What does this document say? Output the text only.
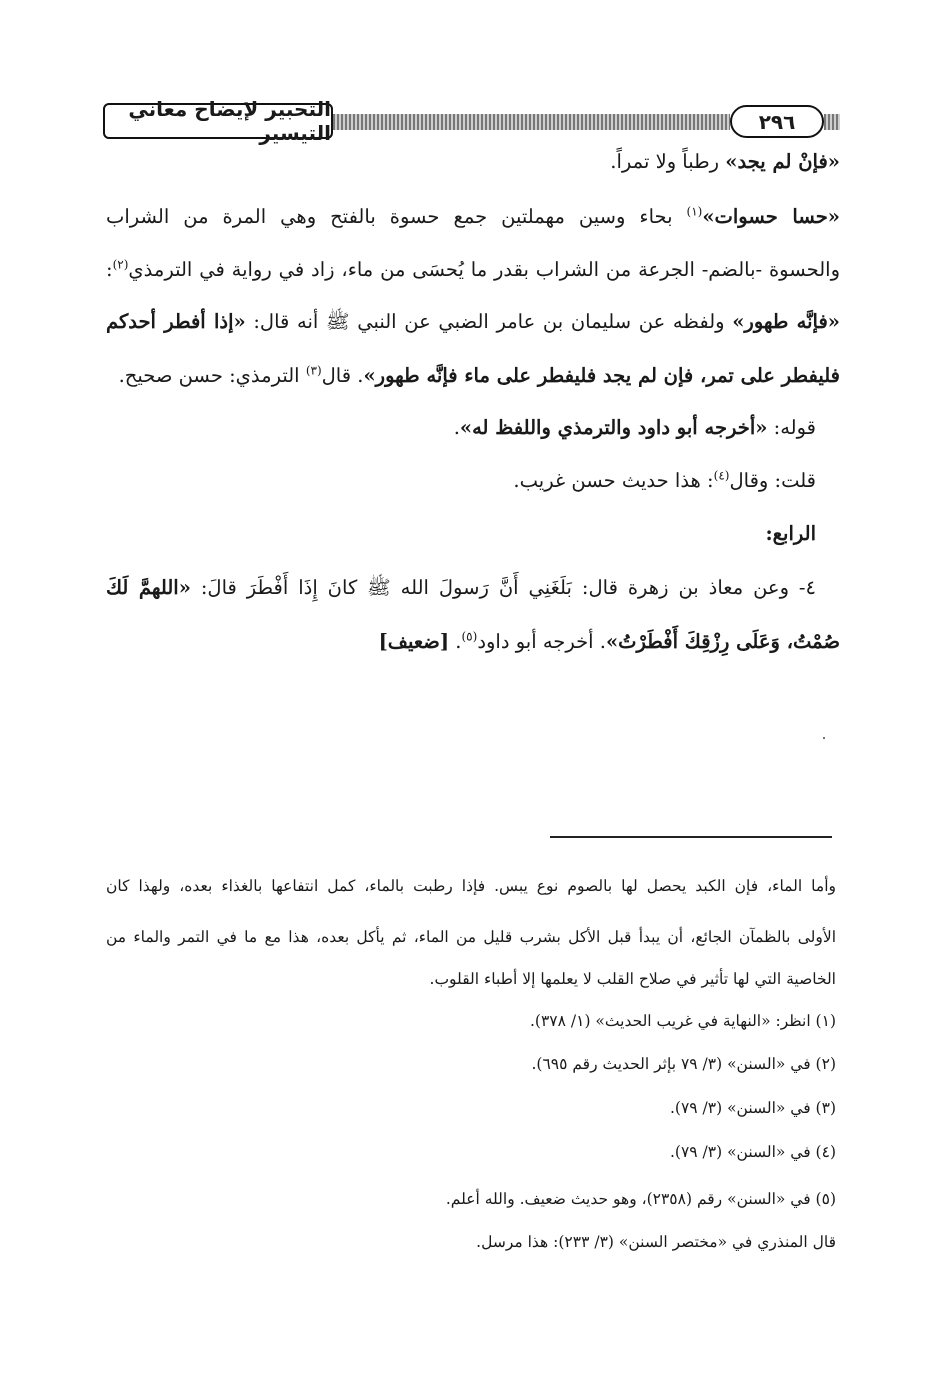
التحبير لإيضاح معاني التيسير	٢٩٦
«فإنْ لم يجد» رطباً ولا تمراً.
«حسا حسوات»$^{(١)}$ بحاء وسين مهملتين جمع حسوة بالفتح وهي المرة من الشراب
والحسوة -بالضم- الجرعة من الشراب بقدر ما يُحسَى من ماء، زاد في رواية في الترمذي$^{(٢)}$:
«فإنَّه طهور» ولفظه عن سليمان بن عامر الضبي عن النبي ﷺ أنه قال: «إذا أفطر أحدكم
فليفطر على تمر، فإن لم يجد فليفطر على ماء فإنَّه طهور». قال$^{(٣)}$ الترمذي: حسن صحيح.
قوله: «أخرجه أبو داود والترمذي واللفظ له».
قلت: وقال$^{(٤)}$: هذا حديث حسن غريب.
الرابع:
٤- وعن معاذ بن زهرة قال: بَلَغَنِي أَنَّ رَسولَ الله ﷺ كانَ إِذَا أَفْطَرَ قالَ: «اللهمَّ لَكَ
صُمْتُ، وَعَلَى رِزْقِكَ أَفْطَرْتُ». أخرجه أبو داود$^{(٥)}$. [ضعيف]
وأما الماء، فإن الكبد يحصل لها بالصوم نوع يبس. فإذا رطبت بالماء، كمل انتفاعها بالغذاء بعده، ولهذا كان
الأولى بالظمآن الجائع، أن يبدأ قبل الأكل بشرب قليل من الماء، ثم يأكل بعده، هذا مع ما في التمر والماء من
الخاصية التي لها تأثير في صلاح القلب لا يعلمها إلا أطباء القلوب.
(١) انظر: «النهاية في غريب الحديث» (١/ ٣٧٨).
(٢) في «السنن» (٣/ ٧٩ بإثر الحديث رقم ٦٩٥).
(٣) في «السنن» (٣/ ٧٩).
(٤) في «السنن» (٣/ ٧٩).
(٥) في «السنن» رقم (٢٣٥٨)، وهو حديث ضعيف. والله أعلم.
قال المنذري في «مختصر السنن» (٣/ ٢٣٣): هذا مرسل.
